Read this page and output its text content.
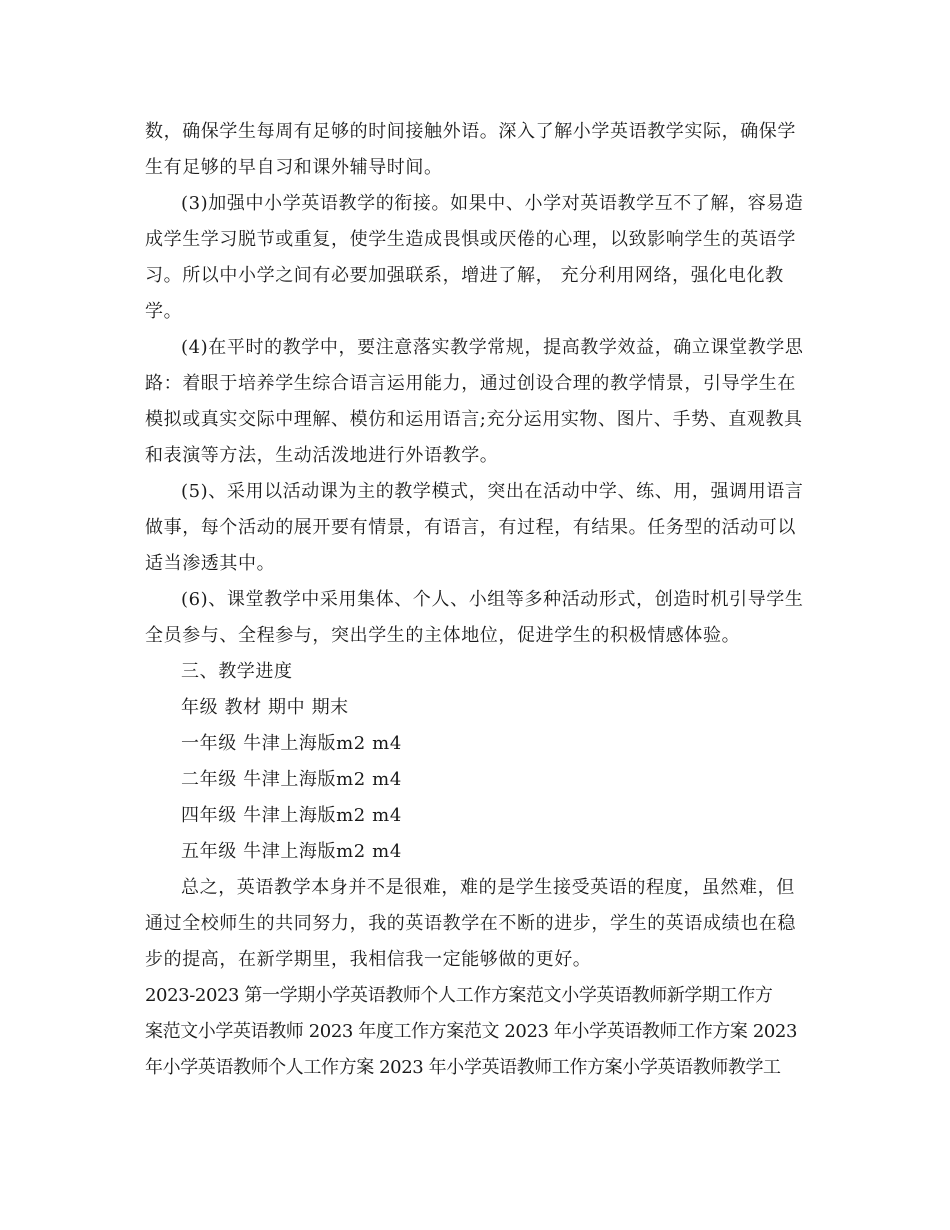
数，确保学生每周有足够的时间接触外语。深入了解小学英语教学实际，确保学
生有足够的早自习和课外辅导时间。
(3)加强中小学英语教学的衔接。如果中、小学对英语教学互不了解，容易造
成学生学习脱节或重复，使学生造成畏惧或厌倦的心理，以致影响学生的英语学
习。所以中小学之间有必要加强联系，增进了解， 充分利用网络，强化电化教
学。
(4)在平时的教学中，要注意落实教学常规，提高教学效益，确立课堂教学思
路：着眼于培养学生综合语言运用能力，通过创设合理的教学情景，引导学生在
模拟或真实交际中理解、模仿和运用语言;充分运用实物、图片、手势、直观教具
和表演等方法，生动活泼地进行外语教学。
(5)、采用以活动课为主的教学模式，突出在活动中学、练、用，强调用语言
做事，每个活动的展开要有情景，有语言，有过程，有结果。任务型的活动可以
适当渗透其中。
(6)、课堂教学中采用集体、个人、小组等多种活动形式，创造时机引导学生
全员参与、全程参与，突出学生的主体地位，促进学生的积极情感体验。
三、教学进度
年级 教材 期中 期末
一年级 牛津上海版m2 m4
二年级 牛津上海版m2 m4
四年级 牛津上海版m2 m4
五年级 牛津上海版m2 m4
总之，英语教学本身并不是很难，难的是学生接受英语的程度，虽然难，但
通过全校师生的共同努力，我的英语教学在不断的进步，学生的英语成绩也在稳
步的提高，在新学期里，我相信我一定能够做的更好。
2023-2023 第一学期小学英语教师个人工作方案范文小学英语教师新学期工作方
案范文小学英语教师 2023 年度工作方案范文 2023 年小学英语教师工作方案 2023
年小学英语教师个人工作方案 2023 年小学英语教师工作方案小学英语教师教学工
